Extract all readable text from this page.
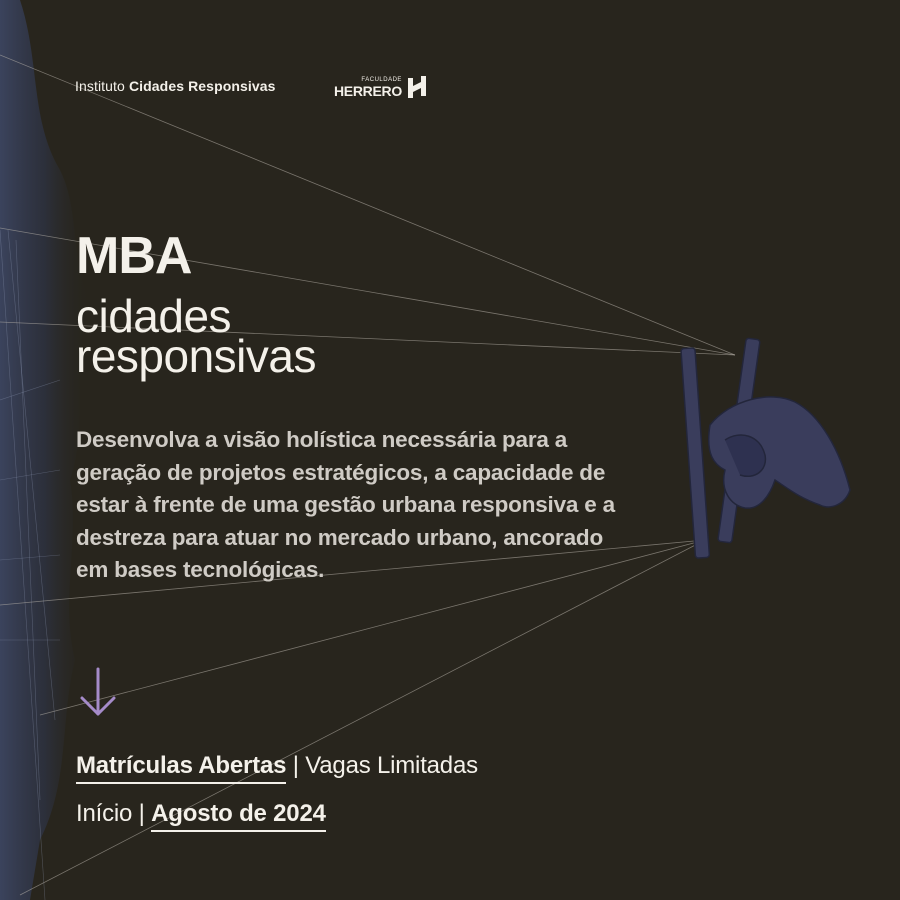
Instituto Cidades Responsivas	FACULDADE
HERRERO
MBA
cidades
responsivas
Desenvolva a visão holística necessária para a geração de projetos estratégicos, a capacidade de estar à frente de uma gestão urbana responsiva e a destreza para atuar no mercado urbano, ancorado em bases tecnológicas.
Matrículas Abertas | Vagas Limitadas
Início | Agosto de 2024
